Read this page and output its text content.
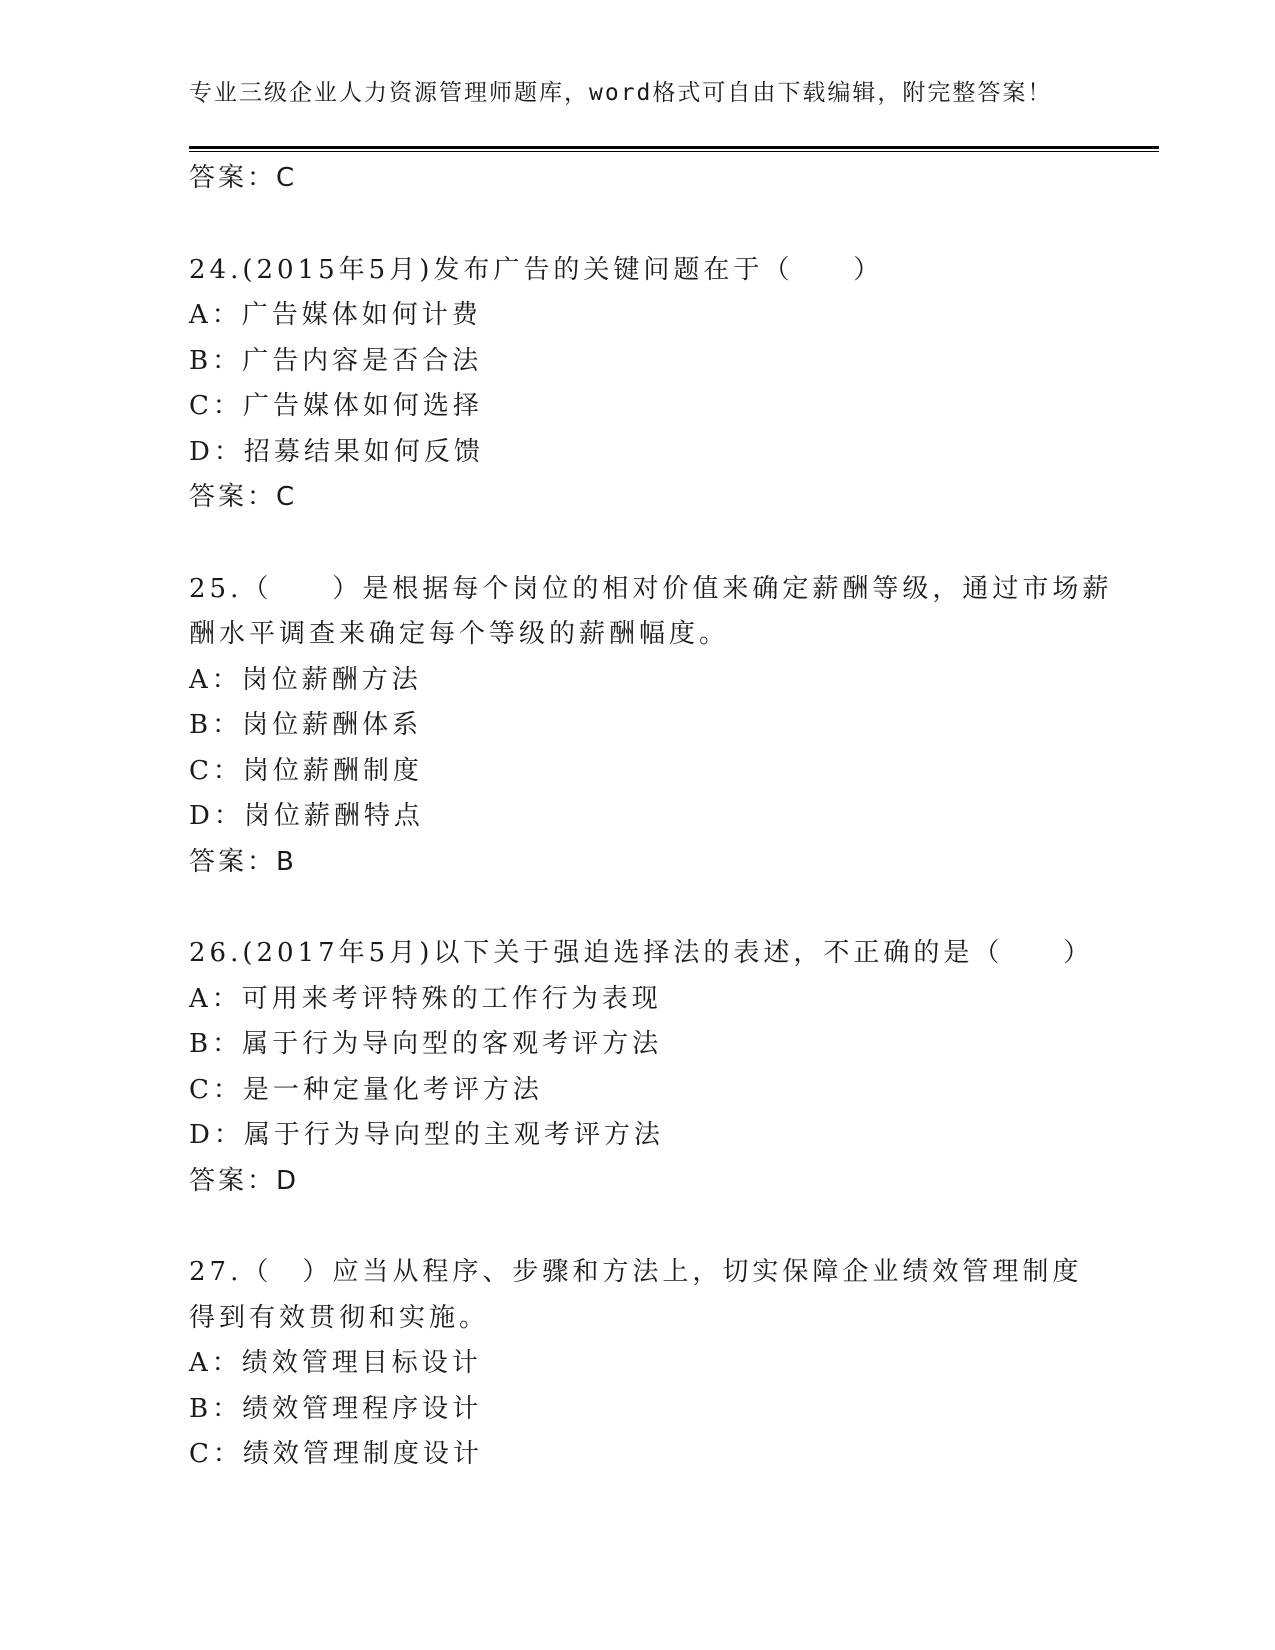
专业三级企业人力资源管理师题库，word格式可自由下载编辑，附完整答案！
答案：C
24.(2015年5月)发布广告的关键问题在于（　　）
A：广告媒体如何计费
B：广告内容是否合法
C：广告媒体如何选择
D：招募结果如何反馈
答案：C
25.（　　）是根据每个岗位的相对价值来确定薪酬等级，通过市场薪
酬水平调查来确定每个等级的薪酬幅度。
A：岗位薪酬方法
B：岗位薪酬体系
C：岗位薪酬制度
D：岗位薪酬特点
答案：B
26.(2017年5月)以下关于强迫选择法的表述，不正确的是（　　）
A：可用来考评特殊的工作行为表现
B：属于行为导向型的客观考评方法
C：是一种定量化考评方法
D：属于行为导向型的主观考评方法
答案：D
27.（　）应当从程序、步骤和方法上，切实保障企业绩效管理制度
得到有效贯彻和实施。
A：绩效管理目标设计
B：绩效管理程序设计
C：绩效管理制度设计
